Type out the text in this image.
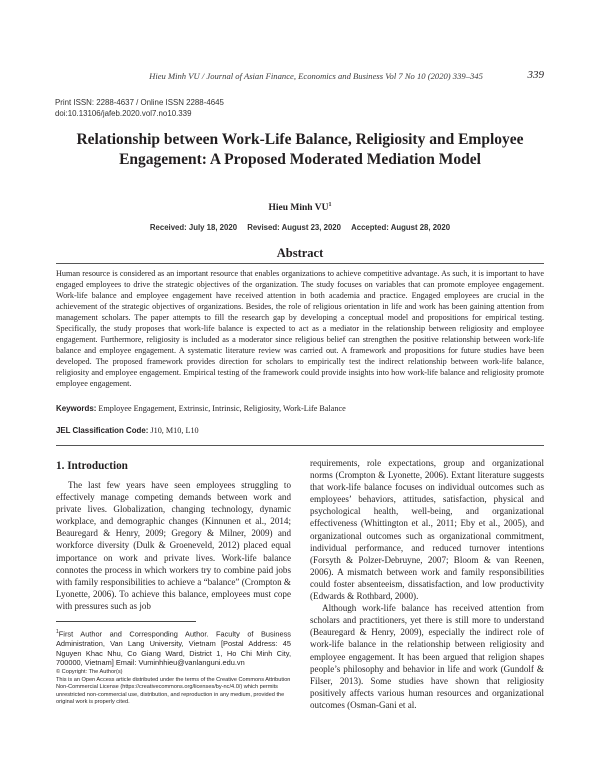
Hieu Minh VU / Journal of Asian Finance, Economics and Business Vol 7 No 10 (2020) 339–345	339
Print ISSN: 2288-4637 / Online ISSN 2288-4645
doi:10.13106/jafeb.2020.vol7.no10.339
Relationship between Work-Life Balance, Religiosity and Employee Engagement: A Proposed Moderated Mediation Model
Hieu Minh $VU^1$
Received: July 18, 2020 Revised: August 23, 2020 Accepted: August 28, 2020
Abstract

Human resource is considered as an important resource that enables organizations to achieve competitive advantage. As such, it is important to have engaged employees to drive the strategic objectives of the organization. The study focuses on variables that can promote employee engagement. Work-life balance and employee engagement have received attention in both academia and practice. Engaged employees are crucial in the achievement of the strategic objectives of organizations. Besides, the role of religious orientation in life and work has been gaining attention from management scholars. The paper attempts to fill the research gap by developing a conceptual model and propositions for empirical testing. Specifically, the study proposes that work-life balance is expected to act as a mediator in the relationship between religiosity and employee engagement. Furthermore, religiosity is included as a moderator since religious belief can strengthen the positive relationship between work-life balance and employee engagement. A systematic literature review was carried out. A framework and propositions for future studies have been developed. The proposed framework provides direction for scholars to empirically test the indirect relationship between work-life balance, religiosity and employee engagement. Empirical testing of the framework could provide insights into how work-life balance and religiosity promote employee engagement.

Keywords: Employee Engagement, Extrinsic, Intrinsic, Religiosity, Work-Life Balance

JEL Classification Code: J10, M10, L10

1. Introduction
The last few years have seen employees struggling to effectively manage competing demands between work and private lives. Globalization, changing technology, dynamic workplace, and demographic changes (Kinnunen et al., 2014; Beauregard & Henry, 2009; Gregory & Milner, 2009) and workforce diversity (Dulk & Groeneveld, 2012) placed equal importance on work and private lives. Work-life balance connotes the process in which workers try to combine paid jobs with family responsibilities to achieve a “balance” (Crompton & Lyonette, 2006). To achieve this balance, employees must cope with pressures such as job
requirements, role expectations, group and organizational norms (Crompton & Lyonette, 2006). Extant literature suggests that work-life balance focuses on individual outcomes such as employees’ behaviors, attitudes, satisfaction, physical and psychological health, well-being, and organizational effectiveness (Whittington et al., 2011; Eby et al., 2005), and organizational outcomes such as organizational commitment, individual performance, and reduced turnover intentions (Forsyth & Polzer-Debruyne, 2007; Bloom & van Reenen, 2006). A mismatch between work and family responsibilities could foster absenteeism, dissatisfaction, and low productivity (Edwards & Rothbard, 2000).
Although work-life balance has received attention from scholars and practitioners, yet there is still more to understand (Beauregard & Henry, 2009), especially the indirect role of work-life balance in the relationship between religiosity and employee engagement. It has been argued that religion shapes people’s philosophy and behavior in life and work (Gundolf & Filser, 2013). Some studies have shown that religiosity positively affects various human resources and organizational outcomes (Osman-Gani et al.

$^1$First Author and Corresponding Author. Faculty of Business Administration, Van Lang University, Vietnam [Postal Address: 45 Nguyen Khac Nhu, Co Giang Ward, District 1, Ho Chi Minh City, 700000, Vietnam] Email: Vuminhhieu@vanlanguni.edu.vn

© Copyright: The Author(s)
This is an Open Access article distributed under the terms of the Creative Commons Attribution Non-Commercial License (https://creativecommons.org/licenses/by-nc/4.0/) which permits unrestricted non-commercial use, distribution, and reproduction in any medium, provided the original work is properly cited.
